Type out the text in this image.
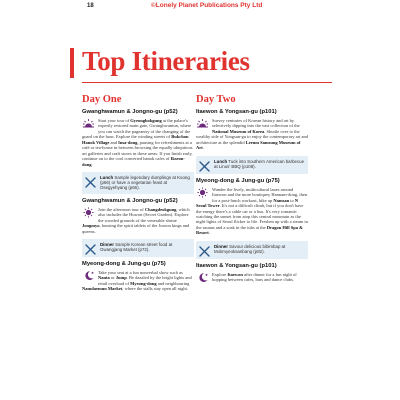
18	©Lonely Planet Publications Pty Ltd
Top Itineraries
Day One
Gwanghwamun & Jongno-gu (p52)
Start your tour of Gyeongbokgung at the palace's expertly restored main gate, Gwanghwamun, where you can watch the pageantry of the changing of the guard on the hour. Explore the winding streets of Bukchon Hanok Village and Insa-dong, pausing for refreshments at a café or tea-house in between browsing the equally ubiquitous art galleries and craft stores in these areas. If you finish early, continue on to the cool converted hanok cafes of Ikseon-dong.
Lunch Sample legendary dumplings at Koong (p66) or have a vegetarian feast at Osegyehyang (p66).
Gwanghwamun & Jongno-gu (p52)
Join the afternoon tour of Changdeokgung, which also includes the Huwon (Secret Garden). Explore the wooded grounds of the venerable shrine Jongmyo, housing the spirit tablets of the Joseon kings and queens.
Dinner Sample Korean street food at Gwangjang Market (p72).
Myeong-dong & Jung-gu (p75)
Take your seat at a fun nonverbal show such as Nanta or Jump. Be dazzled by the bright lights and retail overload of Myeong-dong and neighbouring Namdaemun Market, where the stalls stay open all night.
Day Two
Itaewon & Yongsan-gu (p101)
Survey centuries of Korean history and art by selectively dipping into the vast collection of the National Museum of Korea. Shuttle over to the wealthy side of Yongsan-gu to enjoy the contemporary art and architecture at the splendid Leeum Samsung Museum of Art.
Lunch Tuck into Southern American barbecue at Linus' BBQ (p108).
Myeong-dong & Jung-gu (p75)
Wander the lively, multicultural lanes around Itaewon and the more boutiquey Hannam-dong, then for a post-lunch workout, hike up Namsan to N Seoul Tower. It's not a difficult climb, but if you don't have the energy there's a cable car or a bus. It's very romantic watching the sunset from atop this central mountain as the night lights of Seoul flicker to life. Freshen up with a steam in the saunas and a soak in the tubs at the Dragon Hill Spa & Resort.
Dinner Savour delicious bibimbap at Mokmyeoksanbang (p82).
Itaewon & Yongsan-gu (p101)
Explore Itaewon after dinner for a fun night of hopping between cafes, bars and dance clubs.
